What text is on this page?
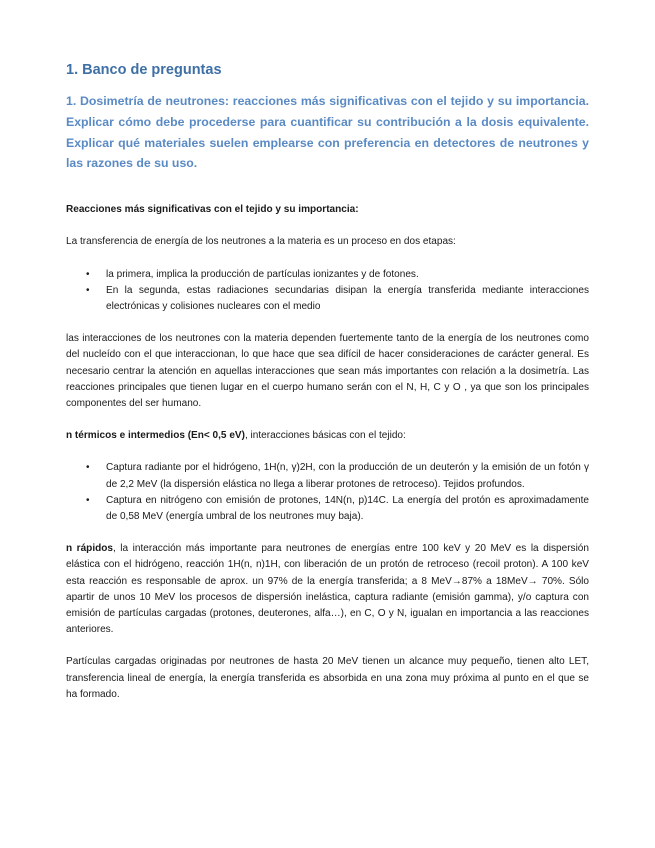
1. Banco de preguntas
1. Dosimetría de neutrones: reacciones más significativas con el tejido y su importancia. Explicar cómo debe procederse para cuantificar su contribución a la dosis equivalente. Explicar qué materiales suelen emplearse con preferencia en detectores de neutrones y las razones de su uso.
Reacciones más significativas con el tejido y su importancia:
La transferencia de energía de los neutrones a la materia es un proceso en dos etapas:
• la primera, implica la producción de partículas ionizantes y de fotones.
• En la segunda, estas radiaciones secundarias disipan la energía transferida mediante interacciones electrónicas y colisiones nucleares con el medio
las interacciones de los neutrones con la materia dependen fuertemente tanto de la energía de los neutrones como del nucleído con el que interaccionan, lo que hace que sea difícil de hacer consideraciones de carácter general. Es necesario centrar la atención en aquellas interacciones que sean más importantes con relación a la dosimetría. Las reacciones principales que tienen lugar en el cuerpo humano serán con el N, H, C y O , ya que son los principales componentes del ser humano.
n térmicos e intermedios (En< 0,5 eV), interacciones básicas con el tejido:
• Captura radiante por el hidrógeno, 1H(n, γ)2H, con la producción de un deuterón y la emisión de un fotón γ de 2,2 MeV (la dispersión elástica no llega a liberar protones de retroceso). Tejidos profundos.
• Captura en nitrógeno con emisión de protones, 14N(n, p)14C. La energía del protón es aproximadamente de 0,58 MeV (energía umbral de los neutrones muy baja).
n rápidos, la interacción más importante para neutrones de energías entre 100 keV y 20 MeV es la dispersión elástica con el hidrógeno, reacción 1H(n, n)1H, con liberación de un protón de retroceso (recoil proton). A 100 keV esta reacción es responsable de aprox. un 97% de la energía transferida; a 8 MeV→87% a 18MeV→ 70%. Sólo apartir de unos 10 MeV los procesos de dispersión inelástica, captura radiante (emisión gamma), y/o captura con emisión de partículas cargadas (protones, deuterones, alfa…), en C, O y N, igualan en importancia a las reacciones anteriores.
Partículas cargadas originadas por neutrones de hasta 20 MeV tienen un alcance muy pequeño, tienen alto LET, transferencia lineal de energía, la energía transferida es absorbida en una zona muy próxima al punto en el que se ha formado.
